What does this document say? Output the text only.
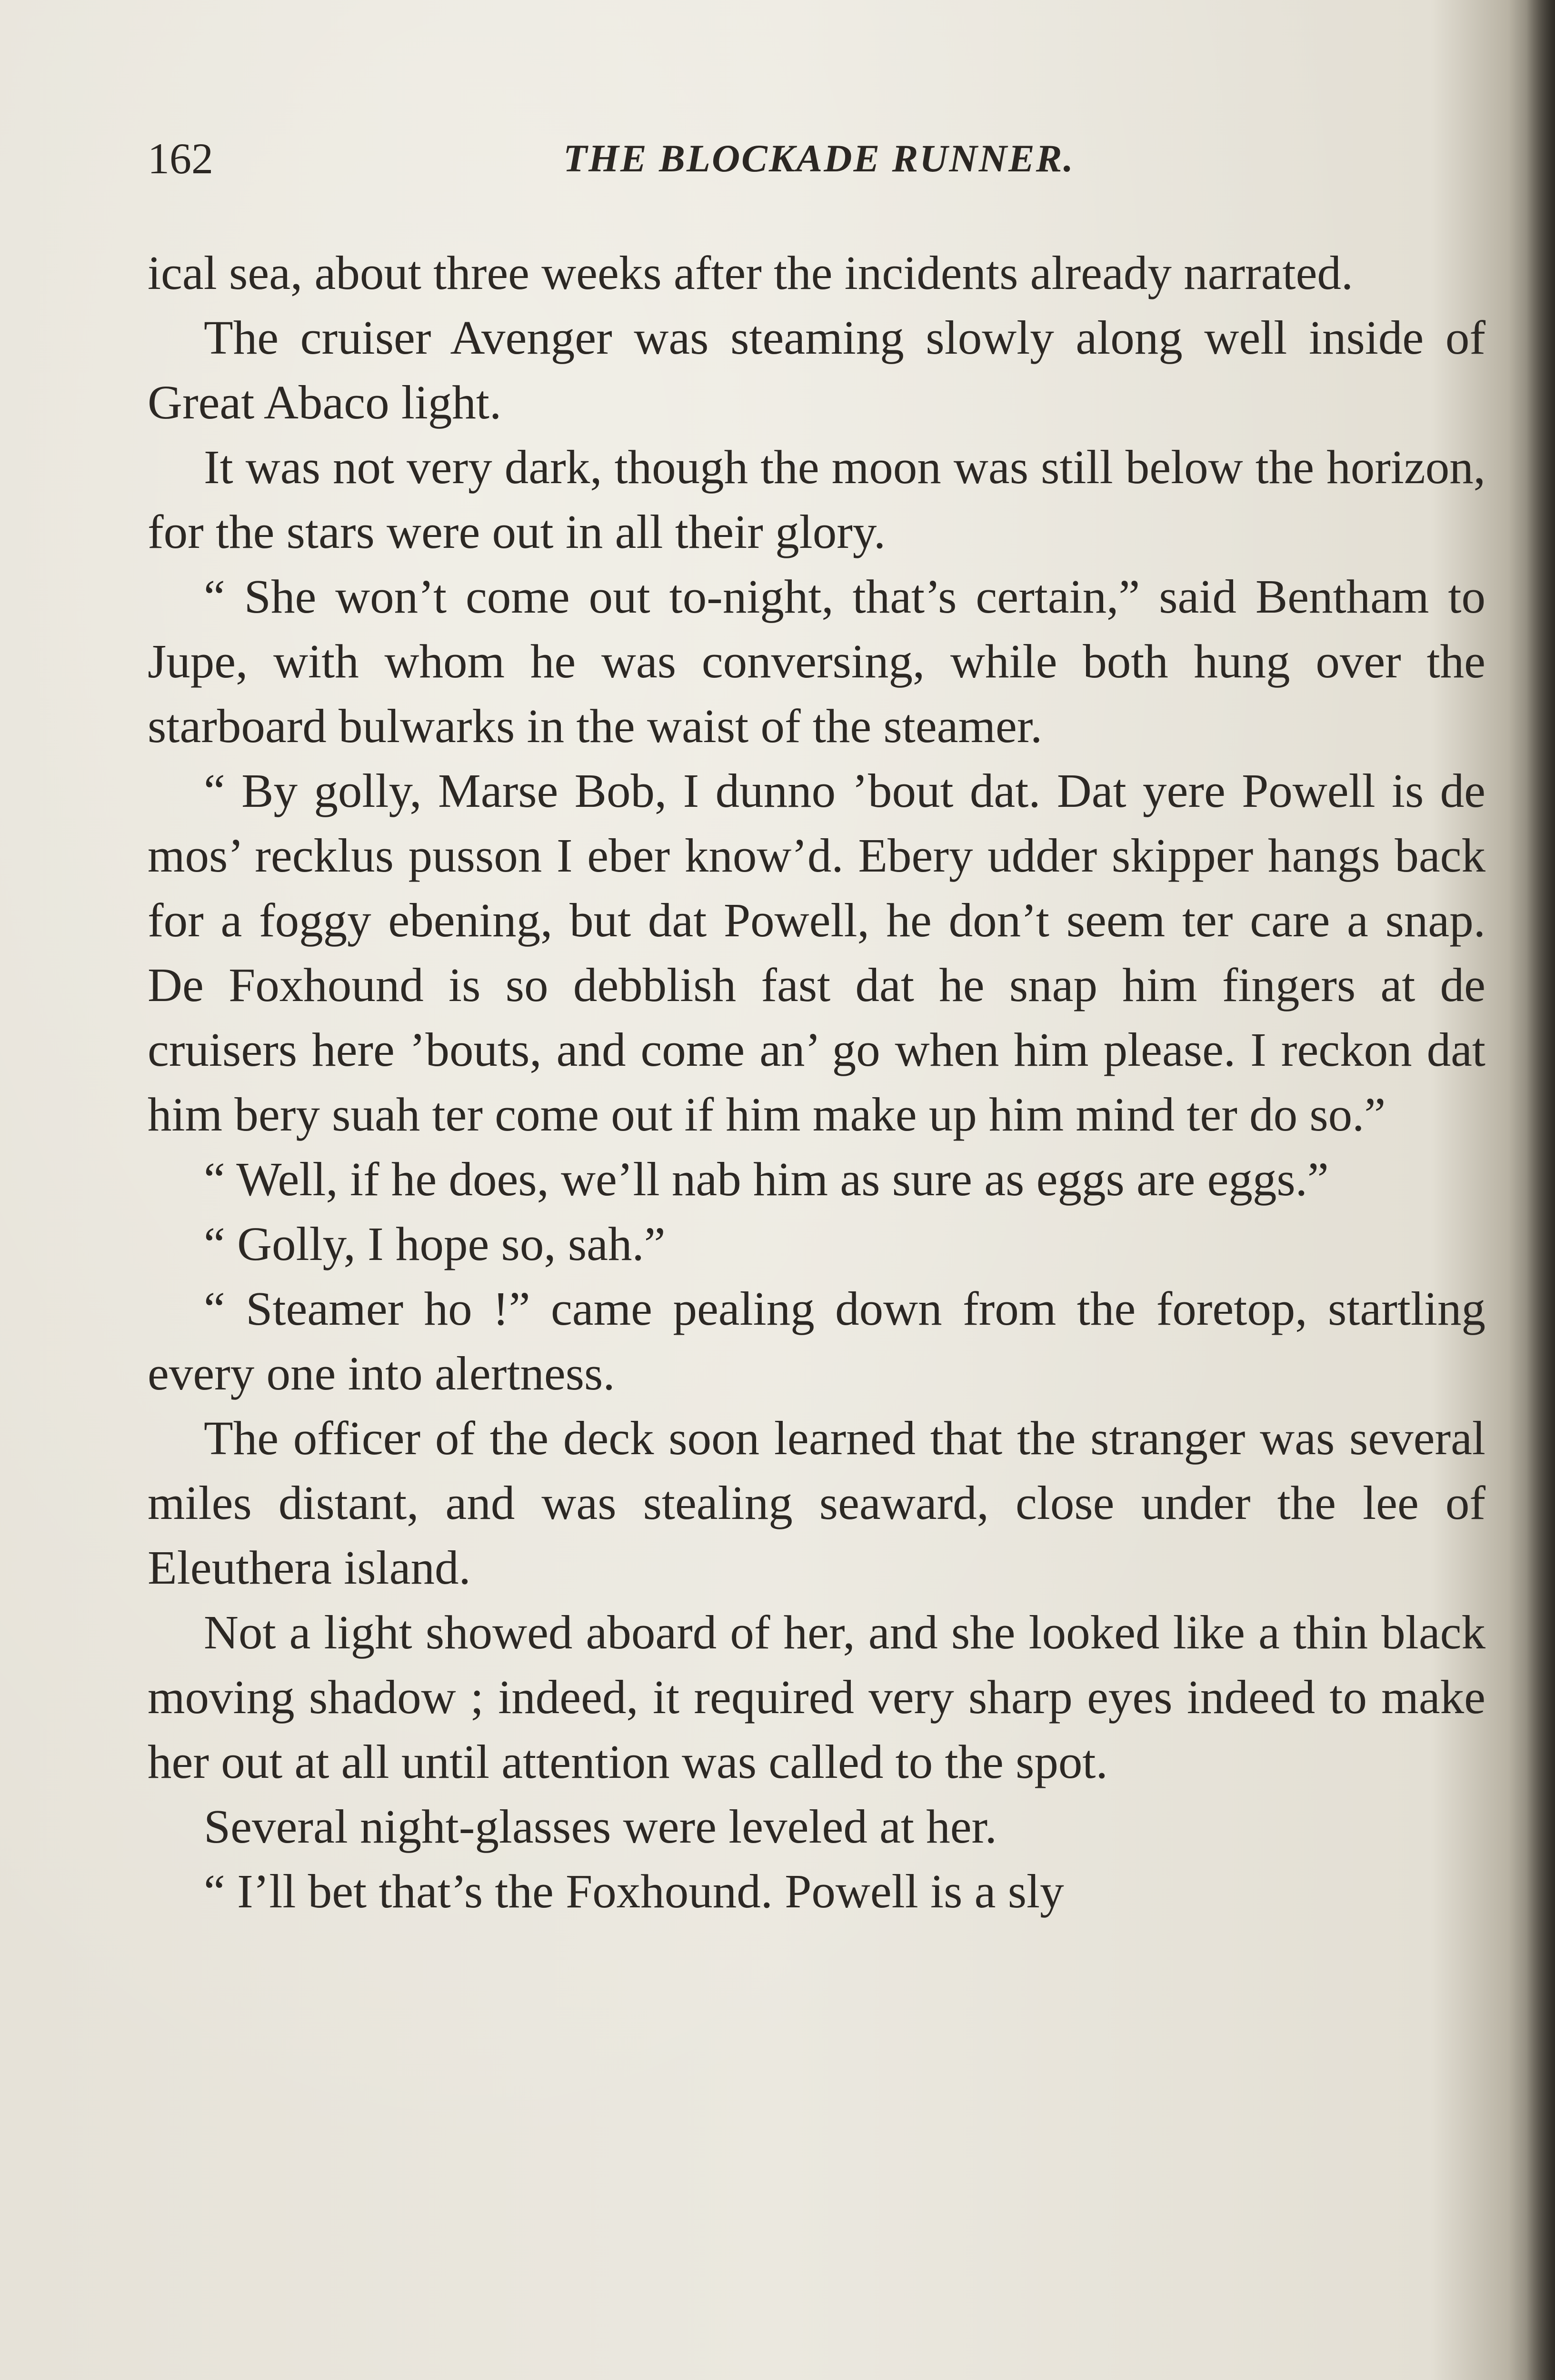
162	THE BLOCKADE RUNNER.

ical sea, about three weeks after the incidents already narrated.

The cruiser Avenger was steaming slowly along well inside of Great Abaco light.

It was not very dark, though the moon was still below the horizon, for the stars were out in all their glory.

“ She won’t come out to-night, that’s certain,” said Bentham to Jupe, with whom he was conversing, while both hung over the starboard bulwarks in the waist of the steamer.

“ By golly, Marse Bob, I dunno ’bout dat. Dat yere Powell is de mos’ recklus pusson I eber know’d. Ebery udder skipper hangs back for a foggy ebening, but dat Powell, he don’t seem ter care a snap. De Foxhound is so debblish fast dat he snap him fingers at de cruisers here ’bouts, and come an’ go when him please. I reckon dat him bery suah ter come out if him make up him mind ter do so.”

“ Well, if he does, we’ll nab him as sure as eggs are eggs.”

“ Golly, I hope so, sah.”

“ Steamer ho !” came pealing down from the foretop, startling every one into alertness.

The officer of the deck soon learned that the stranger was several miles distant, and was stealing seaward, close under the lee of Eleuthera island.

Not a light showed aboard of her, and she looked like a thin black moving shadow ; indeed, it required very sharp eyes indeed to make her out at all until attention was called to the spot.

Several night-glasses were leveled at her.

“ I’ll bet that’s the Foxhound. Powell is a sly
